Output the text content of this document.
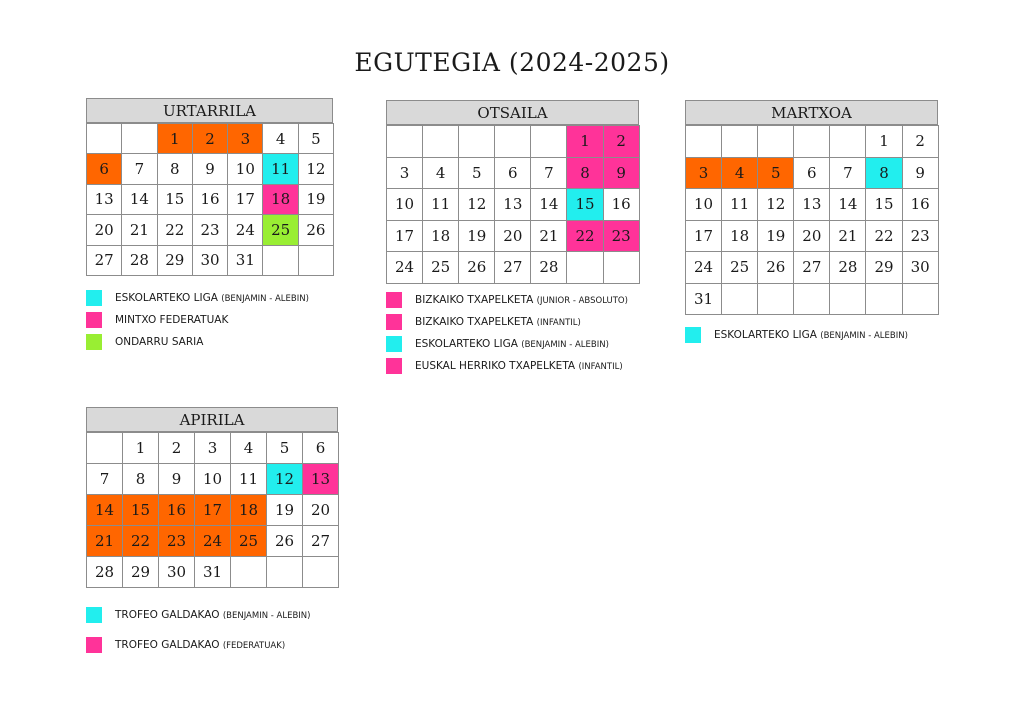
EGUTEGIA (2024-2025)
URTARRILA
		1	2	3	4	5
6	7	8	9	10	11	12
13	14	15	16	17	18	19
20	21	22	23	24	25	26
27	28	29	30	31		
ESKOLARTEKO LIGA (BENJAMIN - ALEBIN)
MINTXO FEDERATUAK
ONDARRU SARIA
OTSAILA
					1	2
3	4	5	6	7	8	9
10	11	12	13	14	15	16
17	18	19	20	21	22	23
24	25	26	27	28		
BIZKAIKO TXAPELKETA (JUNIOR - ABSOLUTO)
BIZKAIKO TXAPELKETA (INFANTIL)
ESKOLARTEKO LIGA (BENJAMIN - ALEBIN)
EUSKAL HERRIKO TXAPELKETA (INFANTIL)
MARTXOA
					1	2
3	4	5	6	7	8	9
10	11	12	13	14	15	16
17	18	19	20	21	22	23
24	25	26	27	28	29	30
31						
ESKOLARTEKO LIGA (BENJAMIN - ALEBIN)
APIRILA
	1	2	3	4	5	6
7	8	9	10	11	12	13
14	15	16	17	18	19	20
21	22	23	24	25	26	27
28	29	30	31			
TROFEO GALDAKAO (BENJAMIN - ALEBIN)
TROFEO GALDAKAO (FEDERATUAK)
